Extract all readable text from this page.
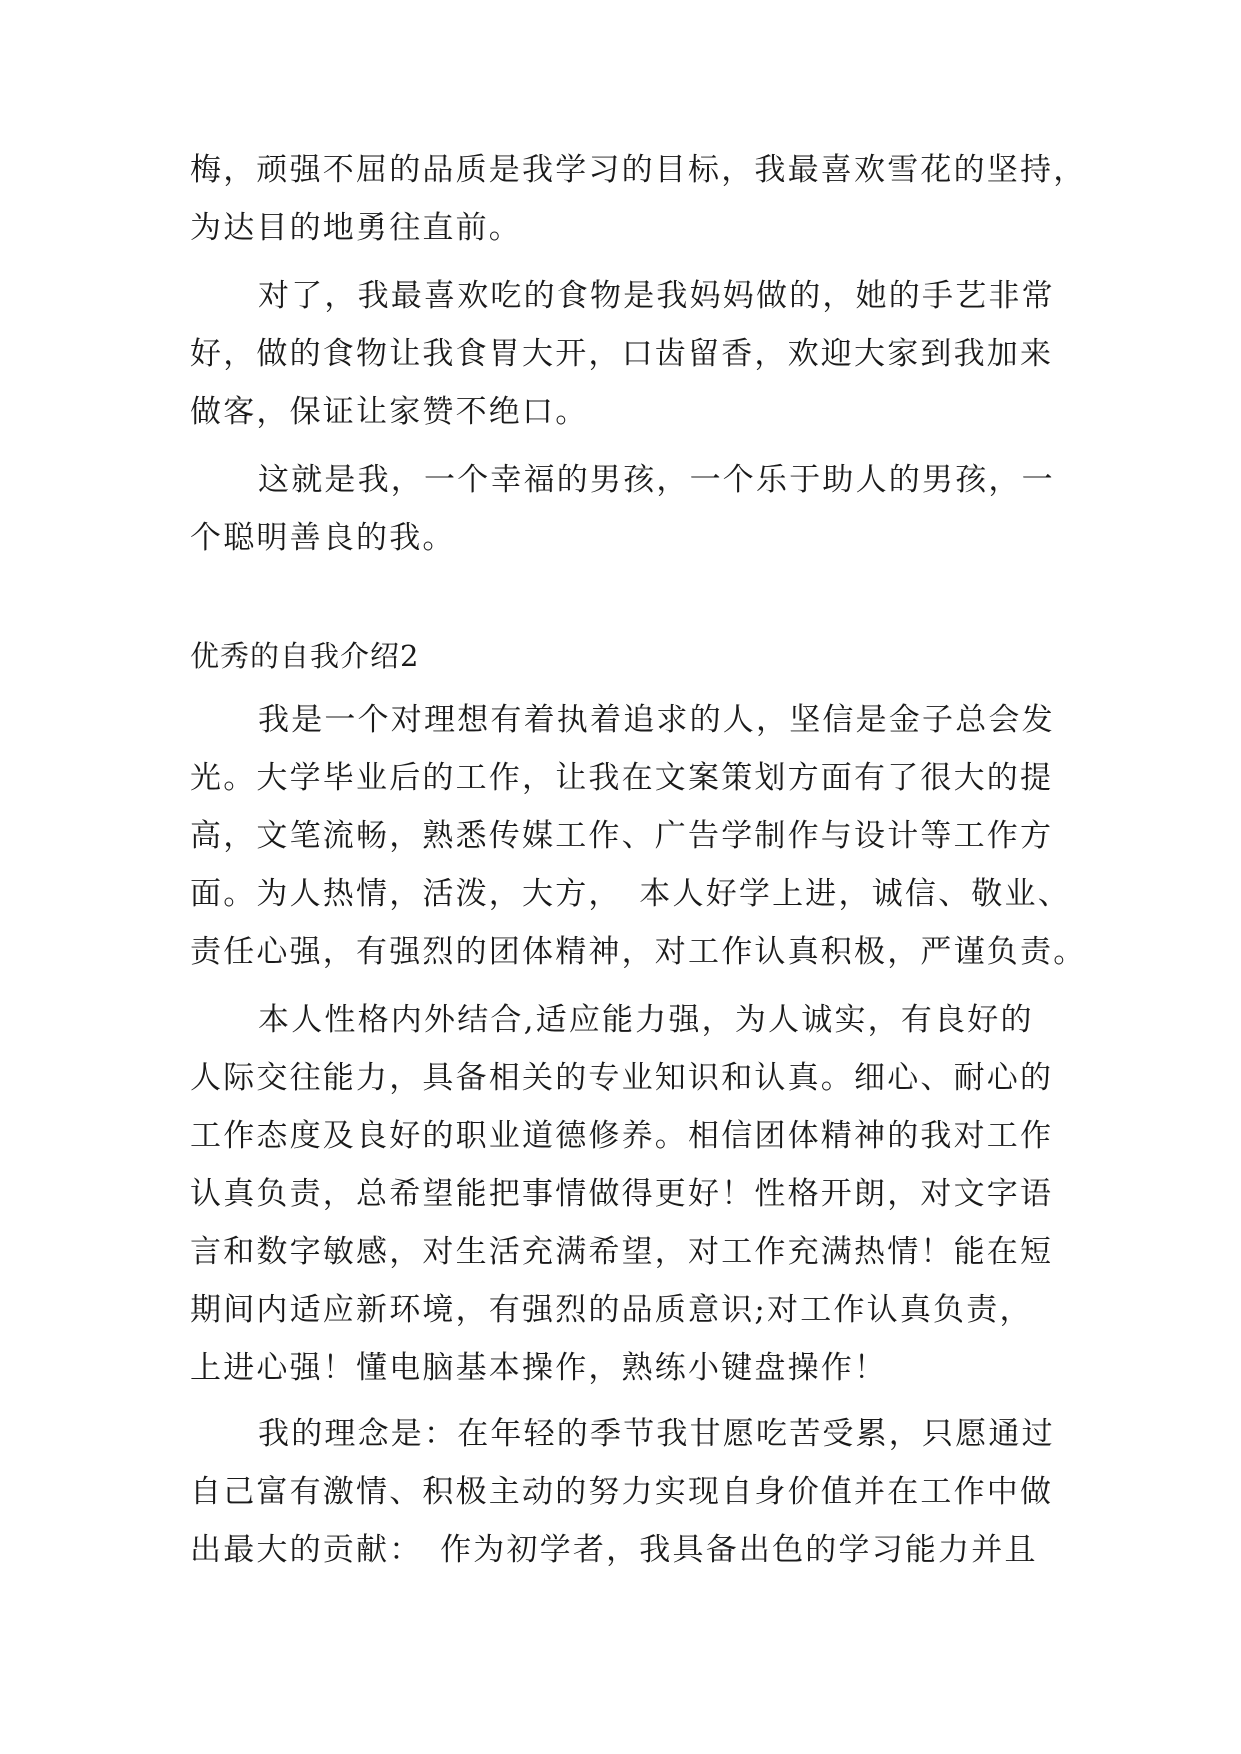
梅，顽强不屈的品质是我学习的目标，我最喜欢雪花的坚持，
为达目的地勇往直前。
对了，我最喜欢吃的食物是我妈妈做的，她的手艺非常
好，做的食物让我食胃大开，口齿留香，欢迎大家到我加来
做客，保证让家赞不绝口。
这就是我，一个幸福的男孩，一个乐于助人的男孩，一
个聪明善良的我。
优秀的自我介绍2
我是一个对理想有着执着追求的人，坚信是金子总会发
光。大学毕业后的工作，让我在文案策划方面有了很大的提
高，文笔流畅，熟悉传媒工作、广告学制作与设计等工作方
面。为人热情，活泼，大方，　本人好学上进，诚信、敬业、
责任心强，有强烈的团体精神，对工作认真积极，严谨负责。
本人性格内外结合,适应能力强，为人诚实，有良好的
人际交往能力，具备相关的专业知识和认真。细心、耐心的
工作态度及良好的职业道德修养。相信团体精神的我对工作
认真负责，总希望能把事情做得更好！性格开朗，对文字语
言和数字敏感，对生活充满希望，对工作充满热情！能在短
期间内适应新环境，有强烈的品质意识;对工作认真负责，
上进心强！懂电脑基本操作，熟练小键盘操作！
我的理念是：在年轻的季节我甘愿吃苦受累，只愿通过
自己富有激情、积极主动的努力实现自身价值并在工作中做
出最大的贡献：　作为初学者，我具备出色的学习能力并且
